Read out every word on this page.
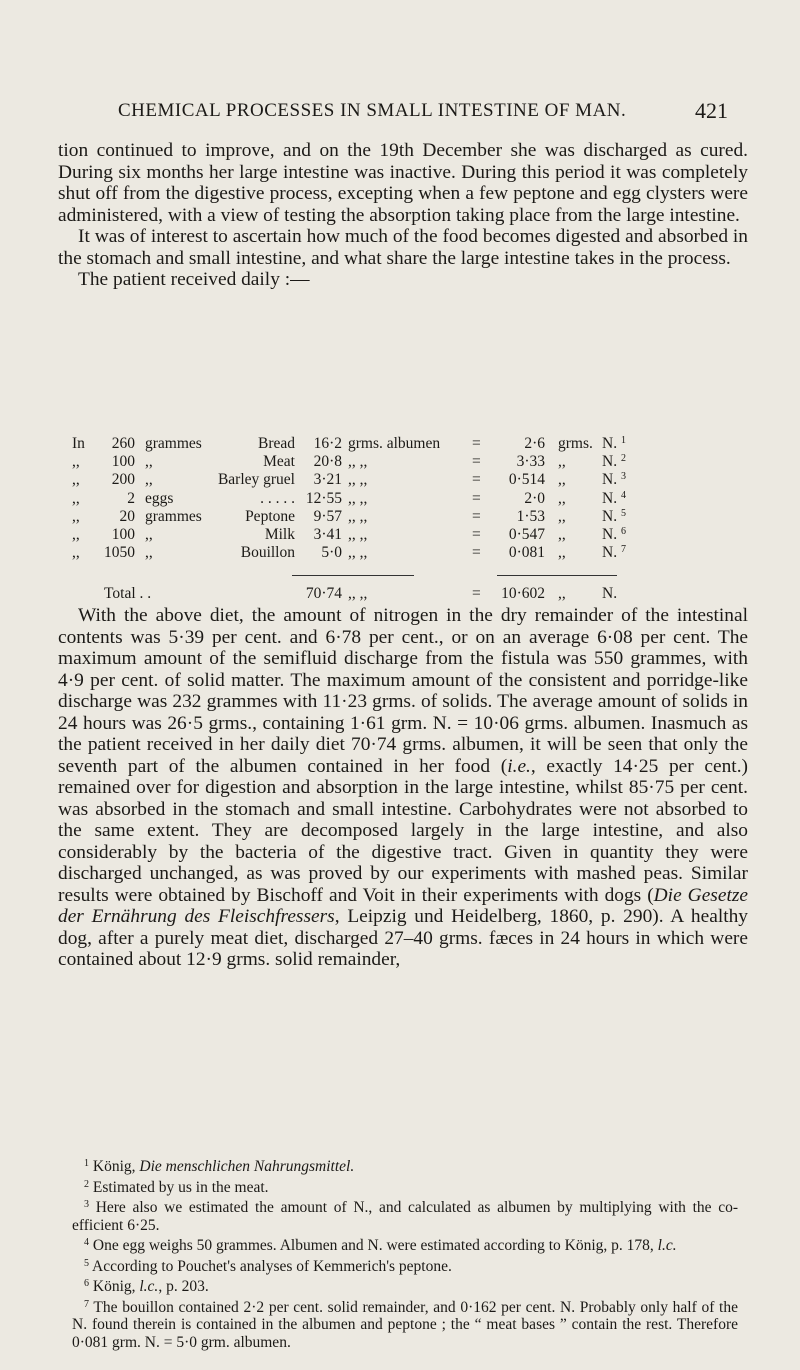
CHEMICAL PROCESSES IN SMALL INTESTINE OF MAN.	421

tion continued to improve, and on the 19th December she was discharged as cured. During six months her large intestine was inactive. During this period it was completely shut off from the digestive process, excepting when a few peptone and egg clysters were administered, with a view of testing the absorption taking place from the large intestine.

It was of interest to ascertain how much of the food becomes digested and absorbed in the stomach and small intestine, and what share the large intestine takes in the process.

The patient received daily :—

In	260 grammes	Bread	16·2 grms. albumen =	2·6 grms. N. $^1$
,,	100 ,,	Meat	20·8 ,, ,,	=	3·33 ,, N. $^2$
,,	200 ,,	Barley gruel	3·21 ,, ,,	=	0·514 ,, N. $^3$
,,	2 eggs	. . . . . 12·55 ,, ,,	=	2·0 ,, N. $^4$
,,	20 grammes	Peptone	9·57 ,, ,,	=	1·53 ,, N. $^5$
,,	100 ,,	Milk	3·41 ,, ,,	=	0·547 ,, N. $^6$
,,	1050 ,,	Bouillon	5·0 ,, ,,	=	0·081 ,, N. $^7$
Total . .	70·74 ,, ,,	= 10·602 ,, N.

With the above diet, the amount of nitrogen in the dry remainder of the intestinal contents was 5·39 per cent. and 6·78 per cent., or on an average 6·08 per cent. The maximum amount of the semifluid discharge from the fistula was 550 grammes, with 4·9 per cent. of solid matter. The maximum amount of the consistent and porridge-like discharge was 232 grammes with 11·23 grms. of solids. The average amount of solids in 24 hours was 26·5 grms., containing 1·61 grm. N. = 10·06 grms. albumen. Inasmuch as the patient received in her daily diet 70·74 grms. albumen, it will be seen that only the seventh part of the albumen contained in her food (i.e., exactly 14·25 per cent.) remained over for digestion and absorption in the large intestine, whilst 85·75 per cent. was absorbed in the stomach and small intestine. Carbohydrates were not absorbed to the same extent. They are decomposed largely in the large intestine, and also considerably by the bacteria of the digestive tract. Given in quantity they were discharged unchanged, as was proved by our experiments with mashed peas. Similar results were obtained by Bischoff and Voit in their experiments with dogs (Die Gesetze der Ernährung des Fleischfressers, Leipzig und Heidelberg, 1860, p. 290). A healthy dog, after a purely meat diet, discharged 27–40 grms. fæces in 24 hours in which were contained about 12·9 grms. solid remainder,

$^1$ König, Die menschlichen Nahrungsmittel.

$^2$ Estimated by us in the meat.

$^3$ Here also we estimated the amount of N., and calculated as albumen by multiplying with the co-efficient 6·25.

$^4$ One egg weighs 50 grammes. Albumen and N. were estimated according to König, p. 178, l.c.

$^5$ According to Pouchet's analyses of Kemmerich's peptone.

$^6$ König, l.c., p. 203.

$^7$ The bouillon contained 2·2 per cent. solid remainder, and 0·162 per cent. N. Probably only half of the N. found therein is contained in the albumen and peptone ; the “ meat bases ” contain the rest. Therefore 0·081 grm. N. = 5·0 grm. albumen.
